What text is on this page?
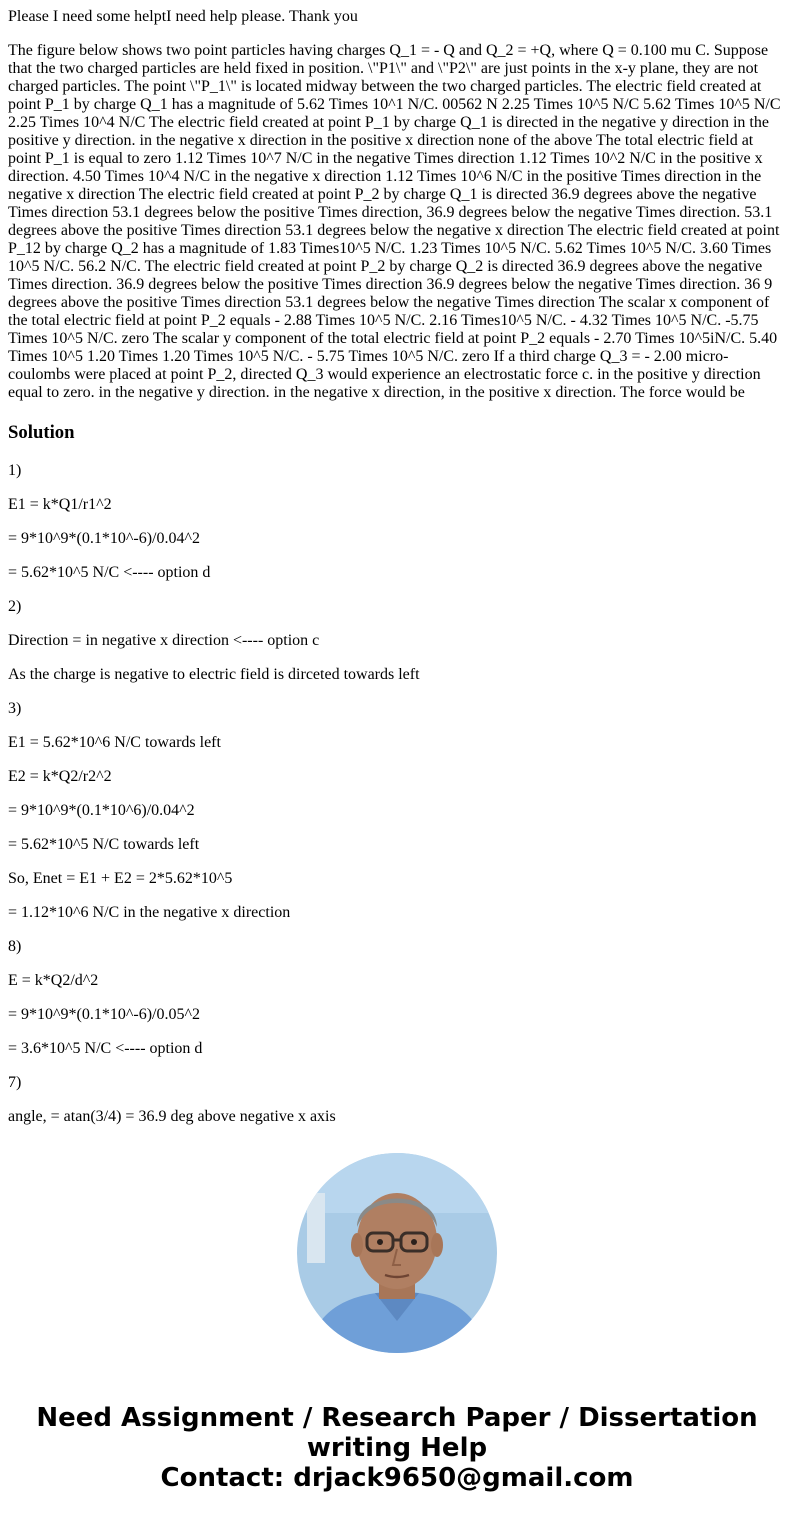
Please I need some helptI need help please. Thank you

The figure below shows two point particles having charges Q_1 = - Q and Q_2 = +Q, where Q = 0.100 mu C. Suppose that the two charged particles are held fixed in position. \"P1\" and \"P2\" are just points in the x-y plane, they are not charged particles. The point \"P_1\" is located midway between the two charged particles. The electric field created at point P_1 by charge Q_1 has a magnitude of 5.62 Times 10^1 N/C. 00562 N 2.25 Times 10^5 N/C 5.62 Times 10^5 N/C 2.25 Times 10^4 N/C The electric field created at point P_1 by charge Q_1 is directed in the negative y direction in the positive y direction. in the negative x direction in the positive x direction none of the above The total electric field at point P_1 is equal to zero 1.12 Times 10^7 N/C in the negative Times direction 1.12 Times 10^2 N/C in the positive x direction. 4.50 Times 10^4 N/C in the negative x direction 1.12 Times 10^6 N/C in the positive Times direction in the negative x direction The electric field created at point P_2 by charge Q_1 is directed 36.9 degrees above the negative Times direction 53.1 degrees below the positive Times direction, 36.9 degrees below the negative Times direction. 53.1 degrees above the positive Times direction 53.1 degrees below the negative x direction The electric field created at point P_12 by charge Q_2 has a magnitude of 1.83 Times10^5 N/C. 1.23 Times 10^5 N/C. 5.62 Times 10^5 N/C. 3.60 Times 10^5 N/C. 56.2 N/C. The electric field created at point P_2 by charge Q_2 is directed 36.9 degrees above the negative Times direction. 36.9 degrees below the positive Times direction 36.9 degrees below the negative Times direction. 36 9 degrees above the positive Times direction 53.1 degrees below the negative Times direction The scalar x component of the total electric field at point P_2 equals - 2.88 Times 10^5 N/C. 2.16 Times10^5 N/C. - 4.32 Times 10^5 N/C. -5.75 Times 10^5 N/C. zero The scalar y component of the total electric field at point P_2 equals - 2.70 Times 10^5iN/C. 5.40 Times 10^5 1.20 Times 1.20 Times 10^5 N/C. - 5.75 Times 10^5 N/C. zero If a third charge Q_3 = - 2.00 micro-coulombs were placed at point P_2, directed Q_3 would experience an electrostatic force c. in the positive y direction equal to zero. in the negative y direction. in the negative x direction, in the positive x direction. The force would be

Solution

1)

E1 = k*Q1/r1^2

= 9*10^9*(0.1*10^-6)/0.04^2

= 5.62*10^5 N/C <---- option d

2)

Direction = in negative x direction <---- option c

As the charge is negative to electric field is dirceted towards left

3)

E1 = 5.62*10^6 N/C towards left

E2 = k*Q2/r2^2

= 9*10^9*(0.1*10^6)/0.04^2

= 5.62*10^5 N/C towards left

So, Enet = E1 + E2 = 2*5.62*10^5

= 1.12*10^6 N/C in the negative x direction

8)

E = k*Q2/d^2

= 9*10^9*(0.1*10^-6)/0.05^2

= 3.6*10^5 N/C <---- option d

7)

angle, = atan(3/4) = 36.9 deg above negative x axis

Need Assignment / Research Paper / Dissertation
writing Help
Contact: drjack9650@gmail.com
